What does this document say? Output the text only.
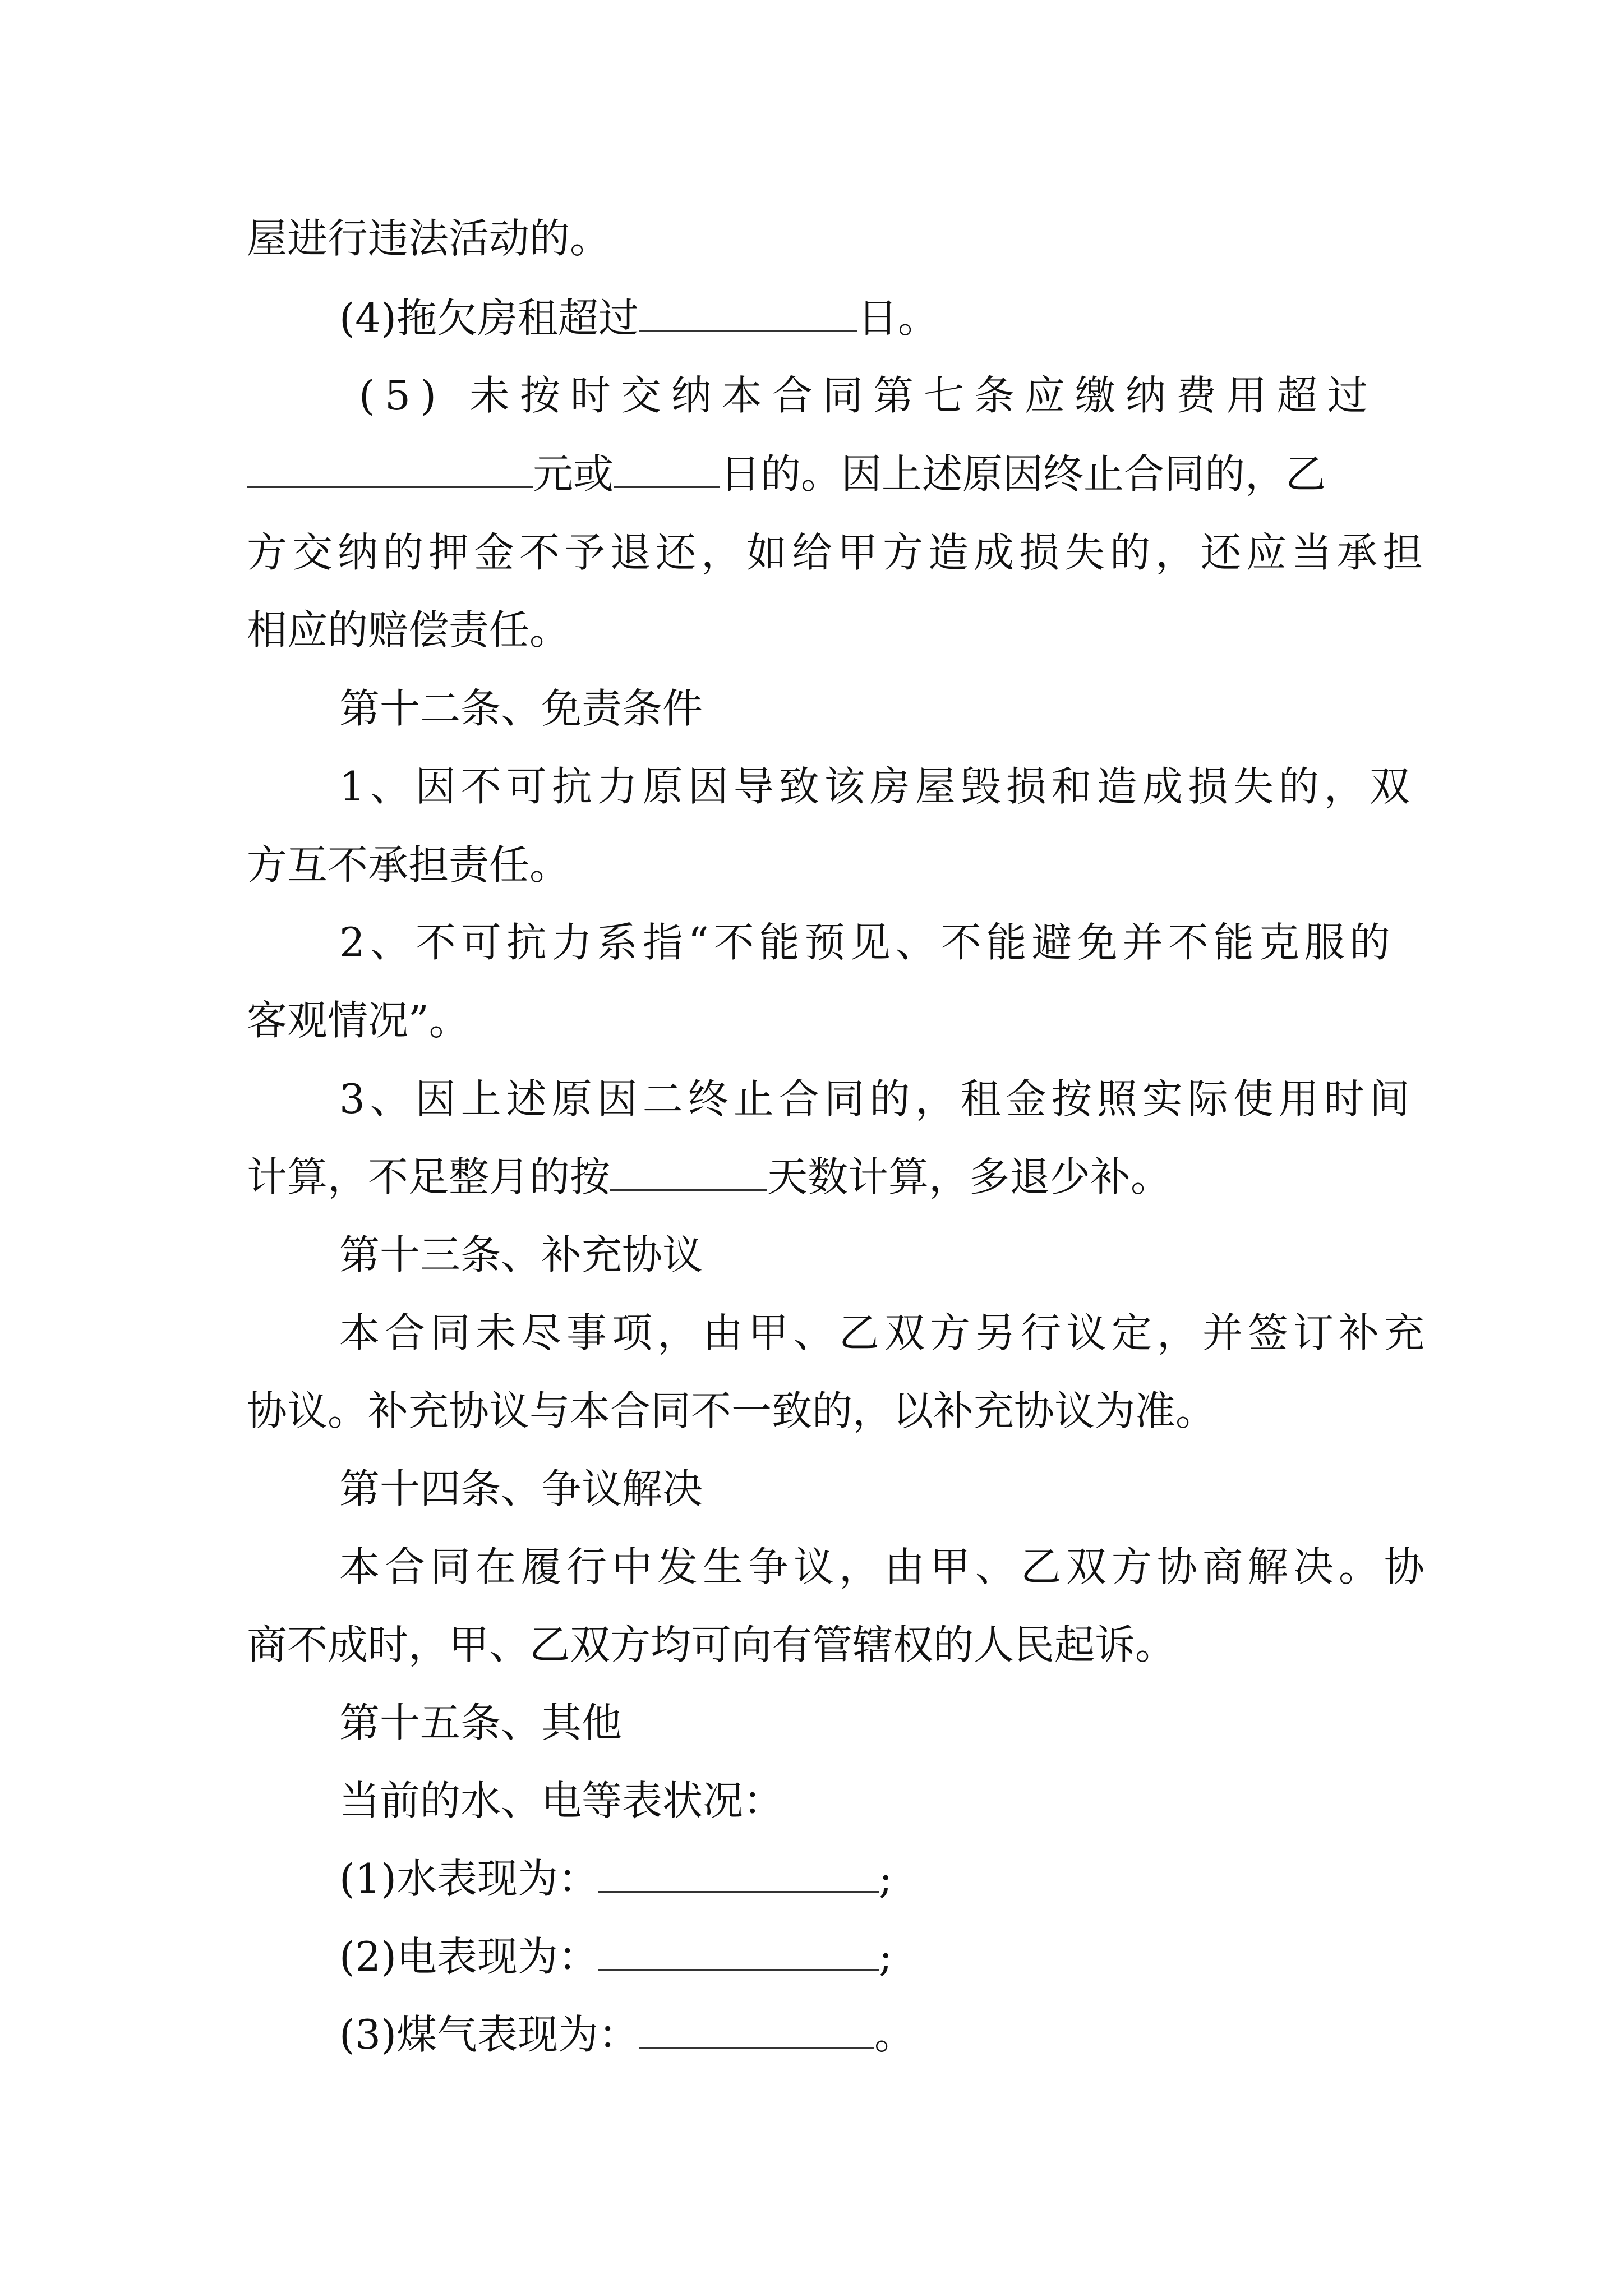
屋进行违法活动的。
(4)拖欠房租超过	日。
(5) 未按时交纳本合同第七条应缴纳费用超过
元或	日的。因上述原因终止合同的，乙
方交纳的押金不予退还，如给甲方造成损失的，还应当承担
相应的赔偿责任。
第十二条、免责条件
1、因不可抗力原因导致该房屋毁损和造成损失的，双
方互不承担责任。
2、不可抗力系指“不能预见、不能避免并不能克服的
客观情况”。
3、因上述原因二终止合同的，租金按照实际使用时间
计算，不足整月的按	天数计算，多退少补。
第十三条、补充协议
本合同未尽事项，由甲、乙双方另行议定，并签订补充
协议。补充协议与本合同不一致的，以补充协议为准。
第十四条、争议解决
本合同在履行中发生争议，由甲、乙双方协商解决。协
商不成时，甲、乙双方均可向有管辖权的人民起诉。
第十五条、其他
当前的水、电等表状况：
(1)水表现为：	;
(2)电表现为：	;
(3)煤气表现为：	。
